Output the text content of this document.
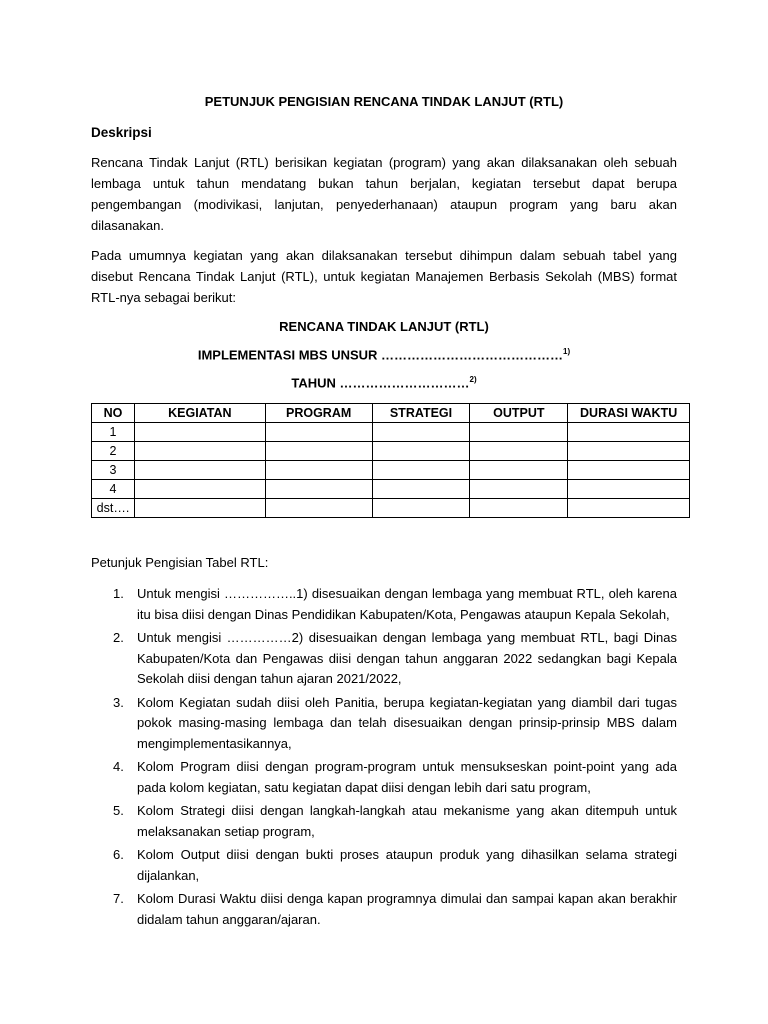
PETUNJUK PENGISIAN RENCANA TINDAK LANJUT (RTL)
Deskripsi

Rencana Tindak Lanjut (RTL) berisikan kegiatan (program) yang akan dilaksanakan oleh sebuah lembaga untuk tahun mendatang bukan tahun berjalan, kegiatan tersebut dapat berupa pengembangan (modivikasi, lanjutan, penyederhanaan) ataupun program yang baru akan dilasanakan.

Pada umumnya kegiatan yang akan dilaksanakan tersebut dihimpun dalam sebuah tabel yang disebut Rencana Tindak Lanjut (RTL), untuk kegiatan Manajemen Berbasis Sekolah (MBS) format RTL-nya sebagai berikut:

RENCANA TINDAK LANJUT (RTL)
IMPLEMENTASI MBS UNSUR ……………………………………$^{1)}$
TAHUN …………………………$^{2)}$
NO	KEGIATAN	PROGRAM	STRATEGI	OUTPUT	DURASI WAKTU
1					
2					
3					
4					
dst….					
Petunjuk Pengisian Tabel RTL:
1. Untuk mengisi ……………..1) disesuaikan dengan lembaga yang membuat RTL, oleh karena itu bisa diisi dengan Dinas Pendidikan Kabupaten/Kota, Pengawas ataupun Kepala Sekolah,
2. Untuk mengisi ……………2) disesuaikan dengan lembaga yang membuat RTL, bagi Dinas Kabupaten/Kota dan Pengawas diisi dengan tahun anggaran 2022 sedangkan bagi Kepala Sekolah diisi dengan tahun ajaran 2021/2022,
3. Kolom Kegiatan sudah diisi oleh Panitia, berupa kegiatan-kegiatan yang diambil dari tugas pokok masing-masing lembaga dan telah disesuaikan dengan prinsip-prinsip MBS dalam mengimplementasikannya,
4. Kolom Program diisi dengan program-program untuk mensukseskan point-point yang ada pada kolom kegiatan, satu kegiatan dapat diisi dengan lebih dari satu program,
5. Kolom Strategi diisi dengan langkah-langkah atau mekanisme yang akan ditempuh untuk melaksanakan setiap program,
6. Kolom Output diisi dengan bukti proses ataupun produk yang dihasilkan selama strategi dijalankan,
7. Kolom Durasi Waktu diisi denga kapan programnya dimulai dan sampai kapan akan berakhir didalam tahun anggaran/ajaran.
